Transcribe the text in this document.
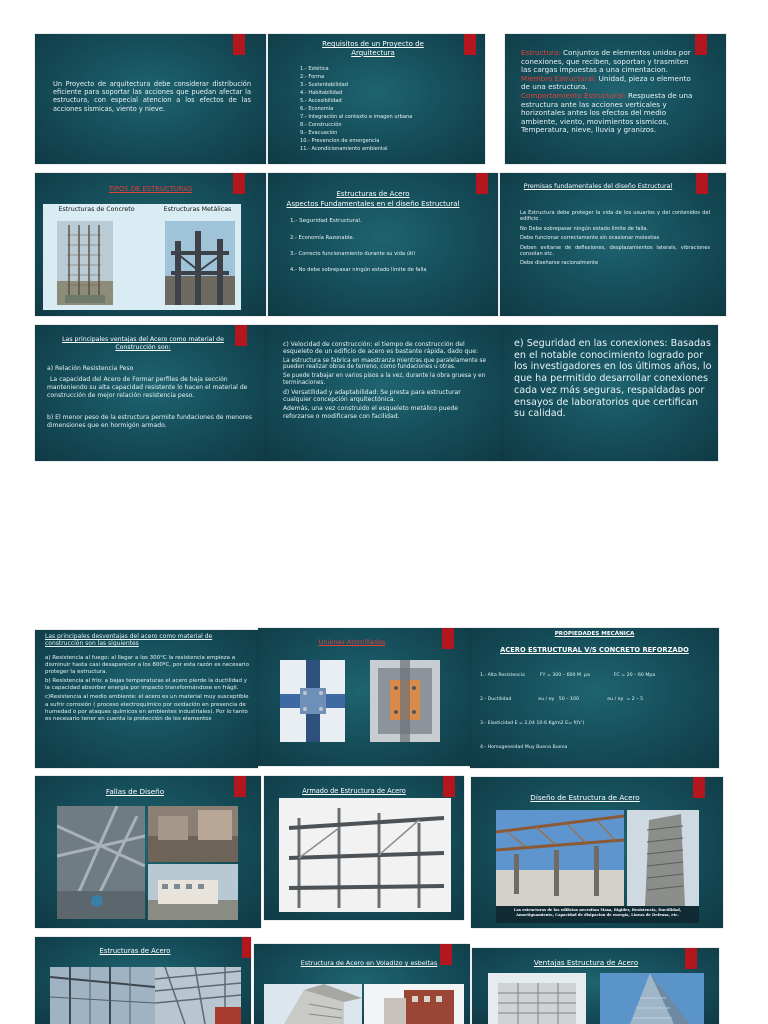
Un Proyecto de arquitectura debe considerar distribución eficiente para soportar las acciones que puedan afectar la estructura, con especial atencion a los efectos de las acciones sísmicas, viento y nieve.
Requisitos de un Proyecto de Arquitectura
1.- Estética
2.- Forma
3.- Sustentabilidad
4.- Habitabilidad
5.- Accesibilidad
6.- Economía
7.- Integración al contexto e imagen urbana
8.- Construcción
9.- Evacuación
10.- Prevencion de emergencia
11.- Acondicionamiento ambiental
Estructura: Conjuntos de elementos unidos por conexiones, que reciben, soportan y trasmiten las cargas impuestas a una cimentacion.
Miembro Estructural: Unidad, pieza o elemento de una estructura.
Comportamiento Estructural: Respuesta de una estructura ante las acciones verticales y horizontales antes los efectos del medio ambiente, viento, movimientos sismicos, Temperatura, nieve, lluvia y granizos.
TIPOS DE ESTRUCTURAS
Estructuras de Concreto	Estructuras Metálicas
Estructuras de Acero
Aspectos Fundamentales en el diseño Estructural
1.- Seguridad Estructural.
2.- Economía Razonable.
3.- Correcto funcionamiento durante su vida útil
4.- No debe sobrepasar ningún estado límite de falla
Premisas fundamentales del diseño Estructural
La Estructura debe proteger la vida de los usuarios y del contenidos del edificio .
No Debe sobrepasar ningún estado límite de falla.
Debe funcionar correctamente sin ocasionar molestias
Deben evitarse de deflexiones, desplazamientos laterals, vibraciones consolan etc.
Debe diseñarse racionalmente
Las principales ventajas del Acero como material de Construcción son:
a) Relación Resistencia Peso
La capacidad del Acero de Formar perfiles de baja sección manteniendo su alta capacidad resistente lo hacen el material de construcción de mejor relación resistencia peso.
b) El menor peso de la estructura permite fundaciones de menores dimensiones que en hormigón armado.
c) Velocidad de construcción: el tiempo de construcción del esqueleto de un edificio de acero es bastante rápida, dado que:
La estructura se fabrica en maestranza mientras que paralelamente se pueden realizar obras de terreno, como fundaciones u otras.
Se puede trabajar en varios pisos a la vez, durante la obra gruesa y en terminaciones.
d) Versatilidad y adaptabilidad: Se presta para estructurar cualquier concepción arquitectónica.
Además, una vez construido el esqueleto metálico puede reforzarse o modificarse con facilidad.
e) Seguridad en las conexiones: Basadas en el notable conocimiento logrado por los investigadores en los últimos años, lo que ha permitido desarrollar conexiones cada vez más seguras, respaldadas por ensayos de laboratorios que certifican su calidad.
Las principales desventajas del acero como material de construcción son las siguientes
a) Resistencia al fuego: al llegar a los 300°C la resistencia empieza a disminuir hasta casi desaparecer a los 800ºC, por esta razón es necesario proteger la estructura.
b) Resistencia al frío: a bajas temperaturas el acero pierde la ductilidad y la capacidad absorber energía por impacto transformándose en frágil.
c)Resistencia al medio ambiente: el acero es un material muy susceptible a sufrir corrosión ( proceso electroquímico por oxidación en presencia de humedad o por ataques químicos en ambientes industriales). Por lo tanto es necesario tener en cuenta la protección de los elementos
Uniones Atornilladas
PROPIEDADES MECÁNICA
ACERO ESTRUCTURAL V/S CONCRETO REFORZADO

1.- Alta Resistencia          FY = 300 – 600 M  pa                FC = 20 – 60 Mpa

2.- Ductilidad                  eu / ey   50 – 100                   eu / ey  = 2 – 5

3.- Elasticidad E = 2,04 10-6 Kg/m2 E= f(fc')

4.- Homogeneidad Muy Buena Buena

Fallas de Diseño	Armado de Estructura de Acero
Diseño de Estructura de Acero
Las estructuras de los edificios necesitan Masa, Rigidez, Resistencia, Ductilidad, Amortiguamiento, Capacidad de disipacion de energía, Líneas de Defensa, etc.
Estructuras de Acero
Estructura de Acero en Voladizo y esbeltas	Ventajas Estructura de Acero
